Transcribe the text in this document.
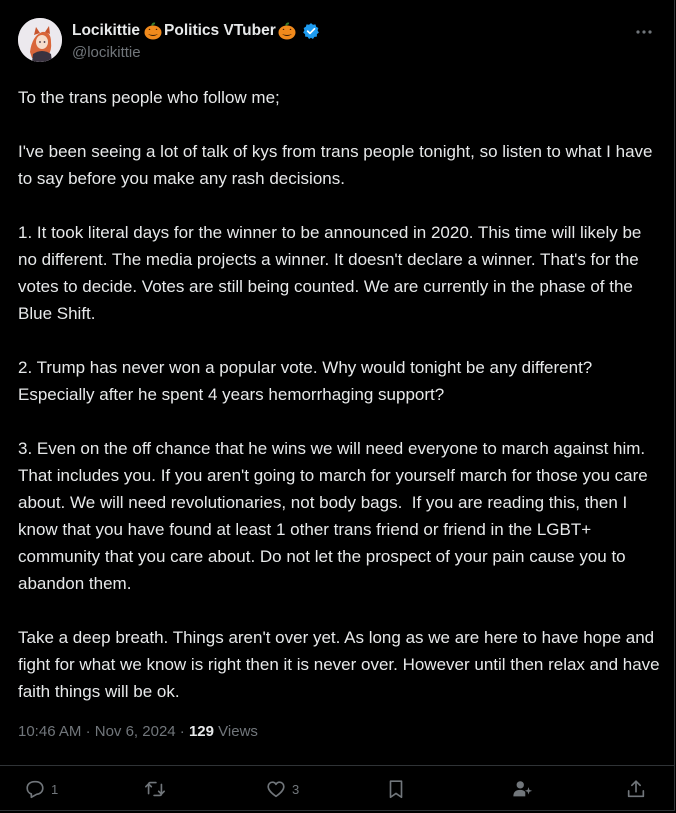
Locikittie Politics VTuber
@locikittie

To the trans people who follow me;

I've been seeing a lot of talk of kys from trans people tonight, so listen to what I have to say before you make any rash decisions.

1. It took literal days for the winner to be announced in 2020. This time will likely be no different. The media projects a winner. It doesn't declare a winner. That's for the votes to decide. Votes are still being counted. We are currently in the phase of the Blue Shift.

2. Trump has never won a popular vote. Why would tonight be any different? Especially after he spent 4 years hemorrhaging support?

3. Even on the off chance that he wins we will need everyone to march against him. That includes you. If you aren't going to march for yourself march for those you care about. We will need revolutionaries, not body bags.  If you are reading this, then I know that you have found at least 1 other trans friend or friend in the LGBT+ community that you care about. Do not let the prospect of your pain cause you to abandon them.

Take a deep breath. Things aren't over yet. As long as we are here to have hope and fight for what we know is right then it is never over. However until then relax and have faith things will be ok.

10:46 AM · Nov 6, 2024 · 129 Views
1	3
